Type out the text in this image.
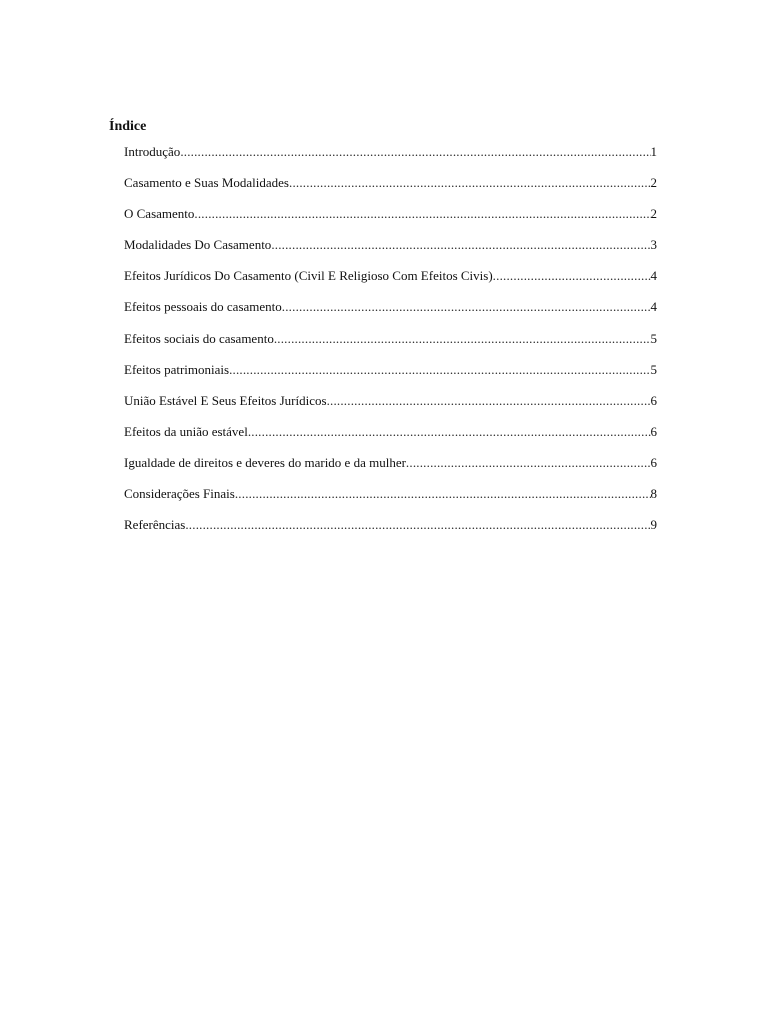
Índice
Introdução .....	1
Casamento e Suas Modalidades .....	2
O Casamento .....	2
Modalidades Do Casamento .....	3
Efeitos Jurídicos Do Casamento (Civil E Religioso Com Efeitos Civis) .....	4
Efeitos pessoais do casamento .....	4
Efeitos sociais do casamento .....	5
Efeitos patrimoniais .....	5
União Estável E Seus Efeitos Jurídicos .....	6
Efeitos da união estável .....	6
Igualdade de direitos e deveres do marido e da mulher .....	6
Considerações Finais .....	8
Referências .....	9
